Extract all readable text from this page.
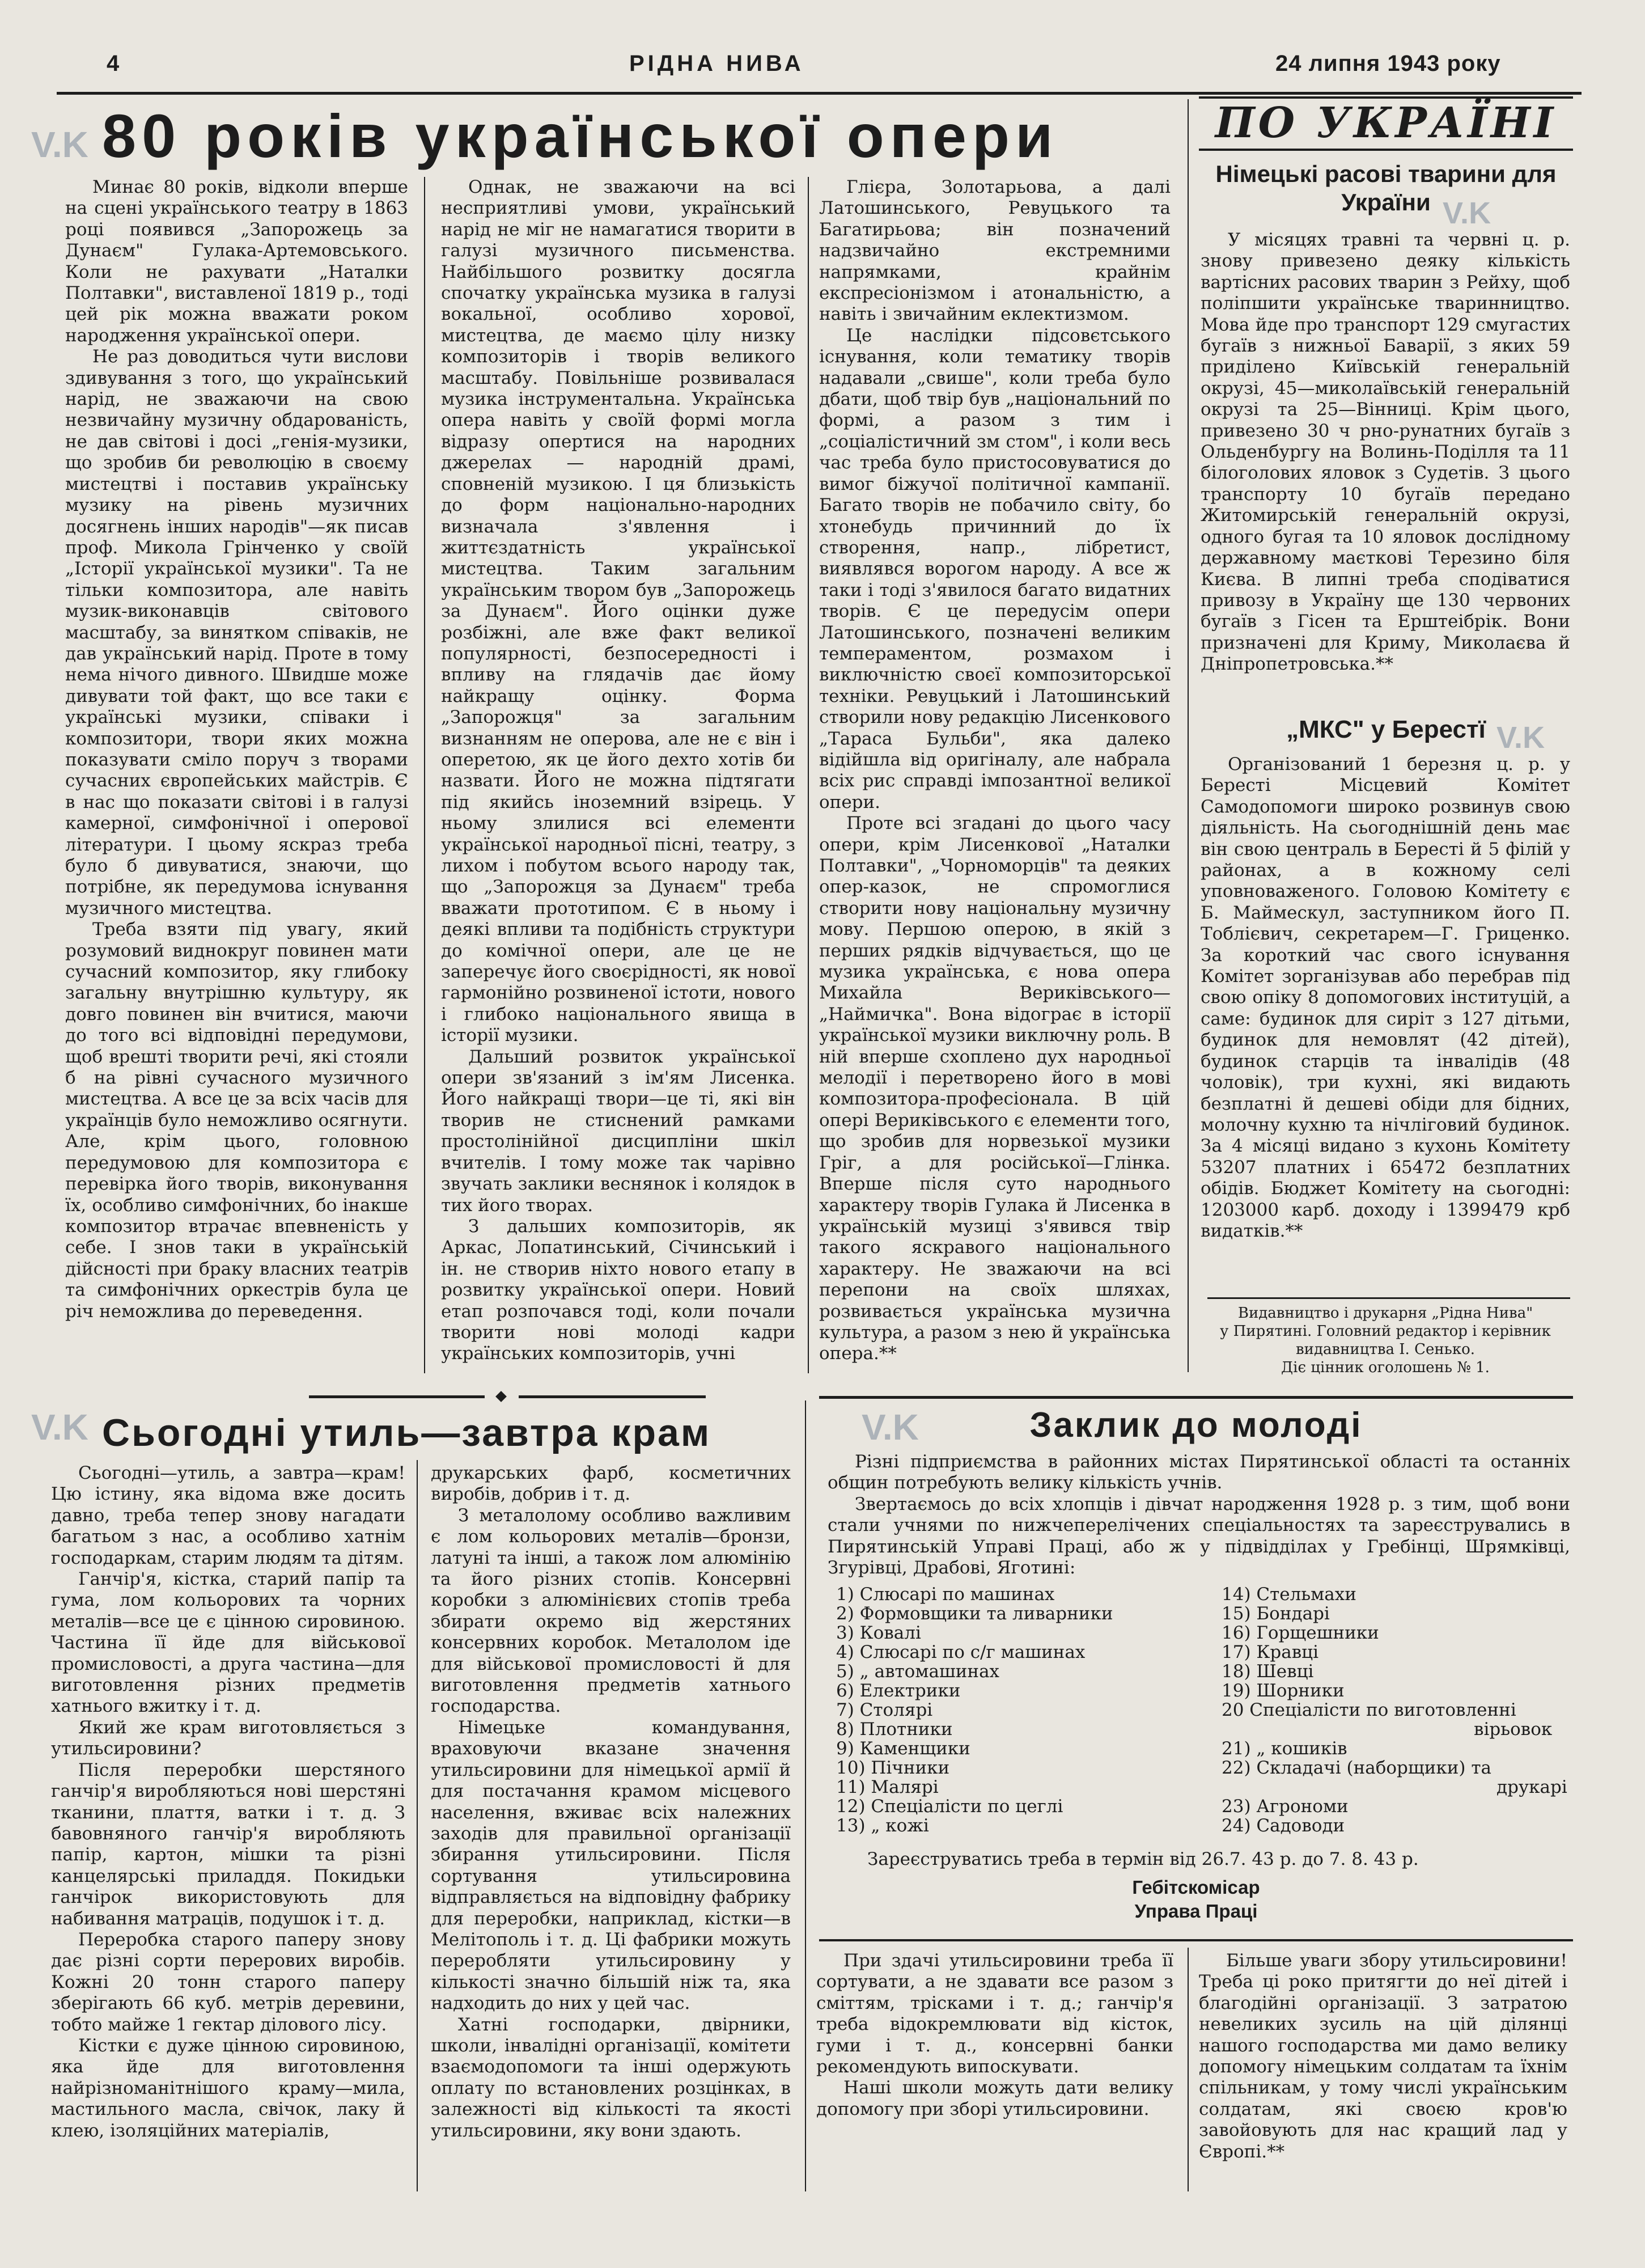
4	РІДНА НИВА	24 липня 1943 року
V.K
V.K
V.K
V.K	V.K
80 років української опери

Минає 80 років, відколи вперше на сцені українського театру в 1863 році появився „Запорожець за Дунаєм" Гулака-Артемовського. Коли не рахувати „Наталки Полтавки", виставленої 1819 р., тоді цей рік можна вважати роком народження української опери.

Не раз доводиться чути вислови здивування з того, що український нарід, не зважаючи на свою незвичайну музичну обдарованість, не дав світові і досі „генія-музики, що зробив би революцію в своєму мистецтві і поставив українську музику на рівень музичних досягнень інших народів"—як писав проф. Микола Грінченко у своїй „Історії української музики". Та не тільки композитора, але навіть музик-виконавців світового масштабу, за винятком співаків, не дав український нарід. Проте в тому нема нічого дивного. Швидше може дивувати той факт, що все таки є українські музики, співаки і композитори, твори яких можна показувати сміло поруч з творами сучасних європейських майстрів. Є в нас що показати світові і в галузі камерної, симфонічної і оперової літератури. І цьому яскраз треба було б дивуватися, знаючи, що потрібне, як передумова існування музичного мистецтва.

Треба взяти під увагу, який розумовий виднокруг повинен мати сучасний композитор, яку глибоку загальну внутрішню культуру, як довго повинен він вчитися, маючи до того всі відповідні передумови, щоб врешті творити речі, які стояли б на рівні сучасного музичного мистецтва. А все це за всіх часів для українців було неможливо осягнути. Але, крім цього, головною передумовою для композитора є перевірка його творів, виконування їх, особливо симфонічних, бо інакше композитор втрачає впевненість у себе. І знов таки в українській дійсності при браку власних театрів та симфонічних оркестрів була це річ неможлива до переведення.

Однак, не зважаючи на всі несприятливі умови, український нарід не міг не намагатися творити в галузі музичного письменства. Найбільшого розвитку досягла спочатку українська музика в галузі вокальної, особливо хорової, мистецтва, де маємо цілу низку композиторів і творів великого масштабу. Повільніше розвивалася музика інструментальна. Українська опера навіть у своїй формі могла відразу опертися на народних джерелах — народній драмі, сповненій музикою. І ця близькість до форм національно-народних визначала з'явлення і життєздатність української мистецтва. Таким загальним українським твором був „Запорожець за Дунаєм". Його оцінки дуже розбіжні, але вже факт великої популярності, безпосередності і впливу на глядачів дає йому найкращу оцінку. Форма „Запорожця" за загальним визнанням не оперова, але не є він і оперетою, як це його дехто хотів би назвати. Його не можна підтягати під якийсь іноземний взірець. У ньому злилися всі елементи української народньої пісні, театру, з лихом і побутом всього народу так, що „Запорожця за Дунаєм" треба вважати прототипом. Є в ньому і деякі впливи та подібність структури до комічної опери, але це не заперечує його своєрідності, як нової гармонійно розвиненої істоти, нового і глибоко національного явища в історії музики.

Дальший розвиток української опери зв'язаний з ім'ям Лисенка. Його найкращі твори—це ті, які він творив не стиснений рамками простолінійної дисципліни шкіл вчителів. І тому може так чарівно звучать заклики веснянок і колядок в тих його творах.

З дальших композиторів, як Аркас, Лопатинський, Січинський і ін. не створив ніхто нового етапу в розвитку української опери. Новий етап розпочався тоді, коли почали творити нові молоді кадри українських композиторів, учні

Глієра, Золотарьова, а далі Латошинського, Ревуцького та Багатирьова; він позначений надзвичайно екстремними напрямками, крайнім експресіонізмом і атональністю, а навіть і звичайним еклектизмом.

Це наслідки підсовєтського існування, коли тематику творів надавали „свише", коли треба було дбати, щоб твір був „національний по формі, а разом з тим і „соціалістичний зм стом", і коли весь час треба було пристосовуватися до вимог біжучої політичної кампанії. Багато творів не побачило світу, бо хтонебудь причинний до їх створення, напр., лібретист, виявлявся ворогом народу. А все ж таки і тоді з'явилося багато видатних творів. Є це передусім опери Латошинського, позначені великим темпераментом, розмахом і виключністю своєї композиторської техніки. Ревуцький і Латошинський створили нову редакцію Лисенкового „Тараса Бульби", яка далеко відійшла від оригіналу, але набрала всіх рис справді імпозантної великої опери.

Проте всі згадані до цього часу опери, крім Лисенкової „Наталки Полтавки", „Чорноморців" та деяких опер-казок, не спромоглися створити нову національну музичну мову. Першою оперою, в якій з перших рядків відчувається, що це музика українська, є нова опера Михайла Вериківського—„Наймичка". Вона відограє в історії української музики виключну роль. В ній вперше схоплено дух народньої мелодії і перетворено його в мові композитора-професіонала. В цій опері Вериківського є елементи того, що зробив для норвезької музики Гріг, а для російської—Глінка. Вперше після суто народнього характеру творів Гулака й Лисенка в українській музиці з'явився твір такого яскравого національного характеру. Не зважаючи на всі перепони на своїх шляхах, розвивається українська музична культура, а разом з нею й українська опера.**

ПО УКРАЇНІ
Німецькі расові тварини для України

У місяцях травні та червні ц. р. знову привезено деяку кількість вартісних расових тварин з Рейху, щоб поліпшити українське тваринництво. Мова йде про транспорт 129 смугастих бугаїв з нижньої Баварії, з яких 59 приділено Київській генеральній окрузі, 45—миколаївській генеральній окрузі та 25—Вінниці. Крім цього, привезено 30 ч рно-рунатних бугаїв з Ольденбургу на Волинь-Поділля та 11 білоголових яловок з Судетів. З цього транспорту 10 бугаїв передано Житомирській генеральній окрузі, одного бугая та 10 яловок дослідному державному маєткові Терезино біля Києва. В липні треба сподіватися привозу в Україну ще 130 червоних бугаїв з Гісен та Ерштеібрік. Вони призначені для Криму, Миколаєва й Дніпропетровська.**

„МКС" у Берестї

Організований 1 березня ц. р. у Бересті Місцевий Комітет Самодопомоги широко розвинув свою діяльність. На сьогоднішній день має він свою централь в Бересті й 5 філій у районах, а в кожному селі уповноваженого. Головою Комітету є Б. Маймескул, заступником його П. Тоблієвич, секретарем—Г. Гриценко. За короткий час свого існування Комітет зорганізував або перебрав під свою опіку 8 допомогових інституцій, а саме: будинок для сиріт з 127 дітьми, будинок для немовлят (42 дітей), будинок старців та інвалідів (48 чоловік), три кухні, які видають безплатні й дешеві обіди для бідних, молочну кухню та нічліговий будинок. За 4 місяці видано з кухонь Комітету 53207 платних і 65472 безплатних обідів. Бюджет Комітету на сьогодні: 1203000 карб. доходу і 1399479 крб видатків.**

Видавництво і друкарня „Рідна Нива"
у Пирятині. Головний редактор і керівник видавництва І. Сенько.
Діє цінник оголошень № 1.
Сьогодні утиль—завтра крам

Сьогодні—утиль, а завтра—крам! Цю істину, яка відома вже досить давно, треба тепер знову нагадати багатьом з нас, а особливо хатнім господаркам, старим людям та дітям.

Ганчір'я, кістка, старий папір та гума, лом кольорових та чорних металів—все це є цінною сировиною. Частина її йде для військової промисловості, а друга частина—для виготовлення різних предметів хатнього вжитку і т. д.

Який же крам виготовляється з утильсировини?

Після переробки шерстяного ганчір'я виробляються нові шерстяні тканини, плаття, ватки і т. д. З бавовняного ганчір'я виробляють папір, картон, мішки та різні канцелярські приладдя. Покидьки ганчірок використовують для набивання матраців, подушок і т. д.

Переробка старого паперу знову дає різні сорти перерових виробів. Кожні 20 тонн старого паперу зберігають 66 куб. метрів деревини, тобто майже 1 гектар ділового лісу.

Кістки є дуже цінною сировиною, яка йде для виготовлення найрізноманітнішого краму—мила, мастильного масла, свічок, лаку й клею, ізоляційних матеріалів,

друкарських фарб, косметичних виробів, добрив і т. д.

З металолому особливо важливим є лом кольорових металів—бронзи, латуні та інші, а також лом алюмінію та його різних стопів. Консервні коробки з алюмінієвих стопів треба збирати окремо від жерстяних консервних коробок. Металолом іде для військової промисловості й для виготовлення предметів хатнього господарства.

Німецьке командування, враховуючи вказане значення утильсировини для німецької армії й для постачання крамом місцевого населення, вживає всіх належних заходів для правильної організації збирання утильсировини. Після сортування утильсировина відправляється на відповідну фабрику для переробки, наприклад, кістки—в Мелітополь і т. д. Ці фабрики можуть переробляти утильсировину у кількості значно більшій ніж та, яка надходить до них у цей час.

Хатні господарки, двірники, школи, інвалідні організації, комітети взаємодопомоги та інші одержують оплату по встановлених розцінках, в залежності від кількості та якості утильсировини, яку вони здають.

Заклик до молоді

Різні підприємства в районних містах Пирятинської області та останніх общин потребують велику кількість учнів.

Звертаємось до всіх хлопців і дівчат народження 1928 р. з тим, щоб вони стали учнями по нижчеперелічених спеціальностях та зареєструвались в Пирятинській Управі Праці, або ж у підвідділах у Гребінці, Шрямківці, Згурівці, Драбові, Яготині:

1) Слюсарі по машинах
2) Формовщики та ливарники
3) Ковалі
4) Слюсарі по с/г машинах
5) „ автомашинах
6) Електрики
7) Столярі
8) Плотники
9) Каменщики
10) Пічники
11) Малярі
12) Спеціалісти по цеглі
13) „ кожі
14) Стельмахи
15) Бондарі
16) Горщешники
17) Кравці
18) Шевці
19) Шорники
20 Спеціалісти по виготовленні
вірьовок
21) „ кошиків
22) Складачі (наборщики) та
друкарі
23) Агрономи
24) Садоводи
Зареєструватись треба в термін від 26.7. 43 р. до 7. 8. 43 р.
Гебітскомісар
Управа Праці

При здачі утильсировини треба її сортувати, а не здавати все разом з сміттям, трісками і т. д.; ганчір'я треба відокремлювати від кісток, гуми і т. д., консервні банки рекомендують випоскувати.

Наші школи можуть дати велику допомогу при зборі утильсировини.

Більше уваги збору утильсировини! Треба ці роко притягти до неї дітей і благодійні організації. З затратою невеликих зусиль на цій ділянці нашого господарства ми дамо велику допомогу німецьким солдатам та їхнім спільникам, у тому числі українським солдатам, які своєю кров'ю завойовують для нас кращий лад у Європі.**
